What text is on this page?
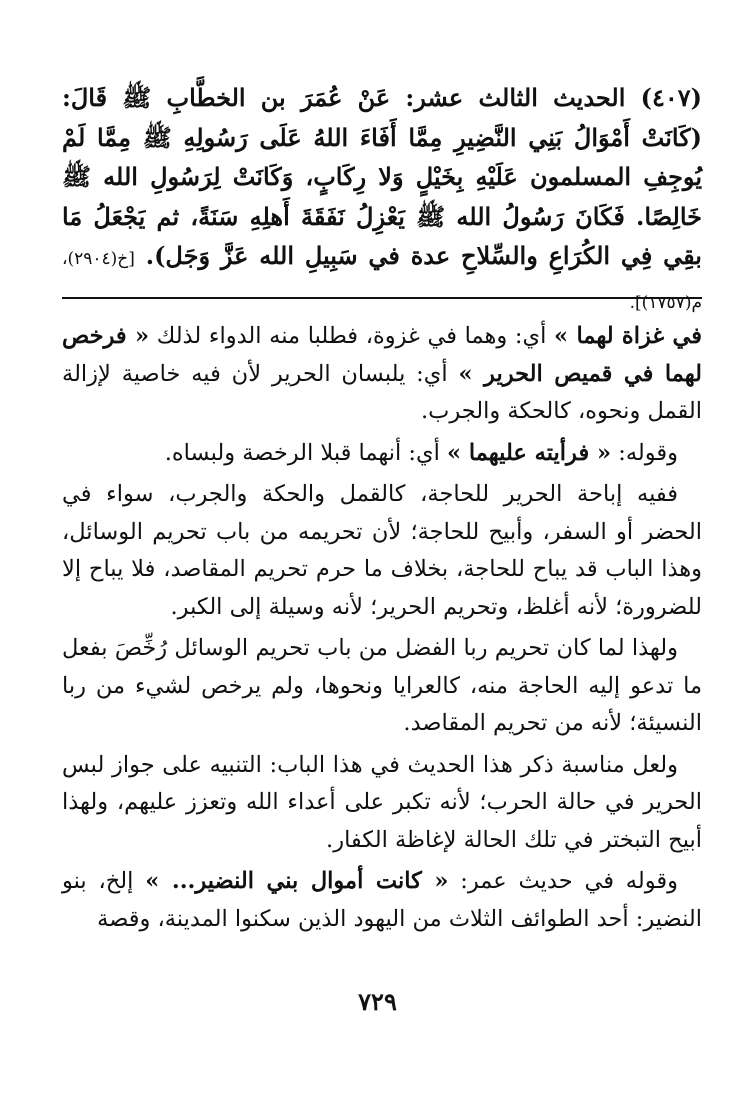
(٤٠٧) الحديث الثالث عشر: عَنْ عُمَرَ بن الخطَّابِ ﷺ قَالَ: (كَانَتْ أَمْوَالُ بَنِي النَّضِيرِ مِمَّا أَفَاءَ اللهُ عَلَى رَسُولِهِ ﷺ مِمَّا لَمْ يُوجِفِ المسلمون عَلَيْهِ بِخَيْلٍ وَلا رِكَابٍ، وَكَانَتْ لِرَسُولِ الله ﷺ خَالِصًا. فَكَانَ رَسُولُ الله ﷺ يَعْزِلُ نَفَقَةَ أَهلِهِ سَنَةً، ثم يَجْعَلُ مَا بقِي فِي الكُرَاعِ والسِّلاحِ عدة في سَبِيلِ الله عَزَّ وَجَل). [خ(٢٩٠٤)، م(١٧٥٧)].

في غزاة لهما » أي: وهما في غزوة، فطلبا منه الدواء لذلك « فرخص لهما في قميص الحرير » أي: يلبسان الحرير لأن فيه خاصية لإزالة القمل ونحوه، كالحكة والجرب.

وقوله: « فرأيته عليهما » أي: أنهما قبلا الرخصة ولبساه.

ففيه إباحة الحرير للحاجة، كالقمل والحكة والجرب، سواء في الحضر أو السفر، وأبيح للحاجة؛ لأن تحريمه من باب تحريم الوسائل، وهذا الباب قد يباح للحاجة، بخلاف ما حرم تحريم المقاصد، فلا يباح إلا للضرورة؛ لأنه أغلظ، وتحريم الحرير؛ لأنه وسيلة إلى الكبر.

ولهذا لما كان تحريم ربا الفضل من باب تحريم الوسائل رُخِّصَ بفعل ما تدعو إليه الحاجة منه، كالعرايا ونحوها، ولم يرخص لشيء من ربا النسيئة؛ لأنه من تحريم المقاصد.

ولعل مناسبة ذكر هذا الحديث في هذا الباب: التنبيه على جواز لبس الحرير في حالة الحرب؛ لأنه تكبر على أعداء الله وتعزز عليهم، ولهذا أبيح التبختر في تلك الحالة لإغاظة الكفار.

وقوله في حديث عمر: « كانت أموال بني النضير... » إلخ، بنو النضير: أحد الطوائف الثلاث من اليهود الذين سكنوا المدينة، وقصة

٧٢٩
